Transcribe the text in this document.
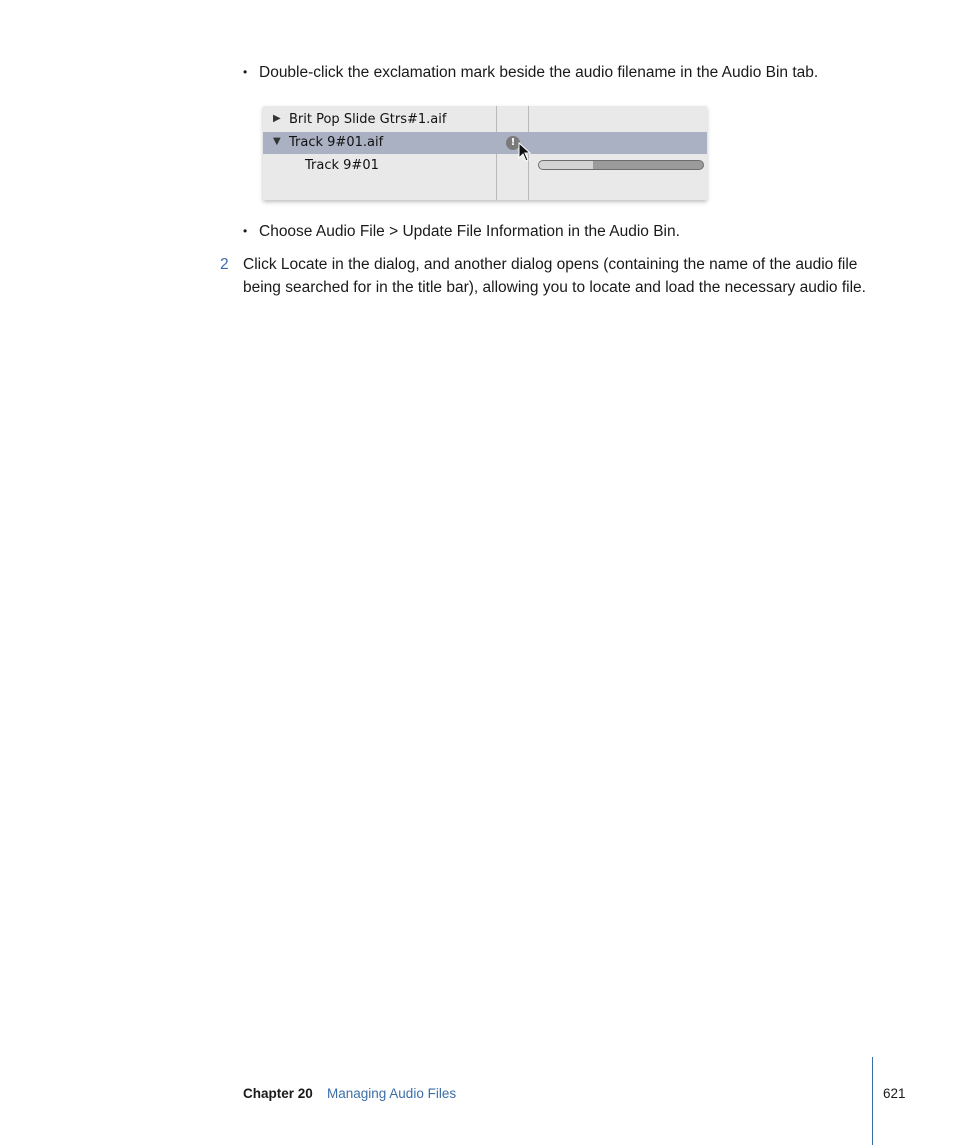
• Double-click the exclamation mark beside the audio filename in the Audio Bin tab.
▶ Brit Pop Slide Gtrs#1.aif
▼ Track 9#01.aif	!
Track 9#01
• Choose Audio File > Update File Information in the Audio Bin.
2 Click Locate in the dialog, and another dialog opens (containing the name of the audio file being searched for in the title bar), allowing you to locate and load the necessary audio file.
Chapter 20 Managing Audio Files	621
